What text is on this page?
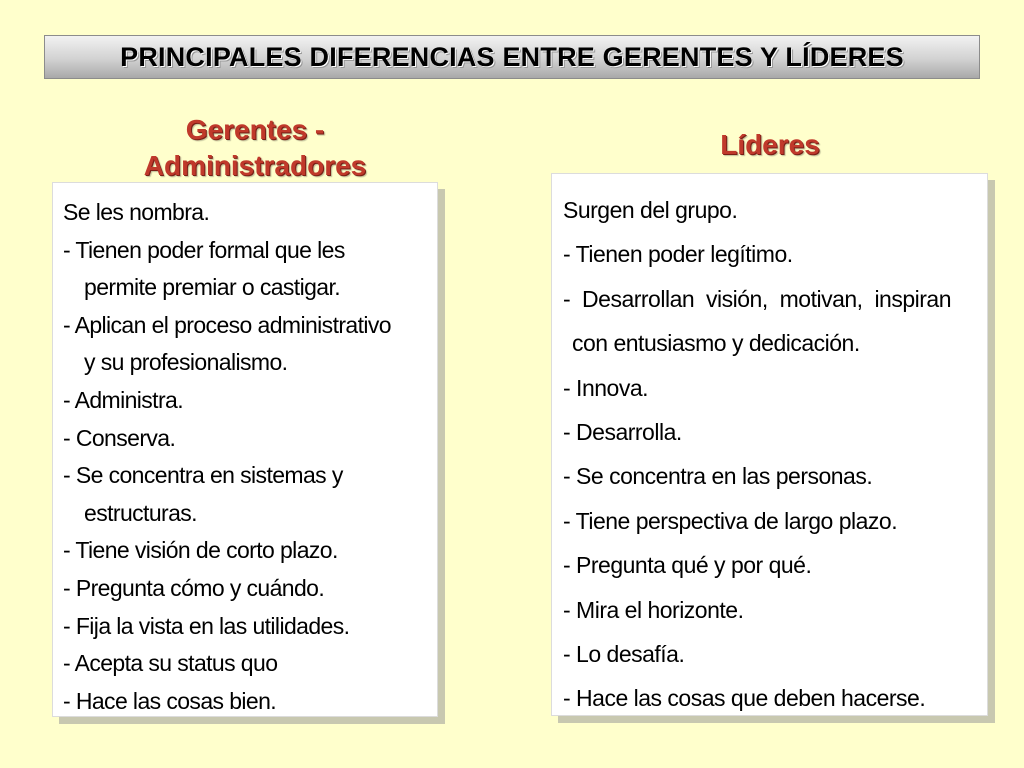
PRINCIPALES DIFERENCIAS ENTRE GERENTES Y LÍDERES
Gerentes -
Administradores
Líderes

Se les nombra.

- Tienen poder formal que les

permite premiar o castigar.

- Aplican el proceso administrativo

y su profesionalismo.

- Administra.

- Conserva.

- Se concentra en sistemas y

estructuras.

- Tiene visión de corto plazo.

- Pregunta cómo y cuándo.

- Fija la vista en las utilidades.

- Acepta su status quo

- Hace las cosas bien.

Surgen del grupo.

- Tienen poder legítimo.

- Desarrollan visión, motivan, inspiran

con entusiasmo y dedicación.

- Innova.

- Desarrolla.

- Se concentra en las personas.

- Tiene perspectiva de largo plazo.

- Pregunta qué y por qué.

- Mira el horizonte.

- Lo desafía.

- Hace las cosas que deben hacerse.
